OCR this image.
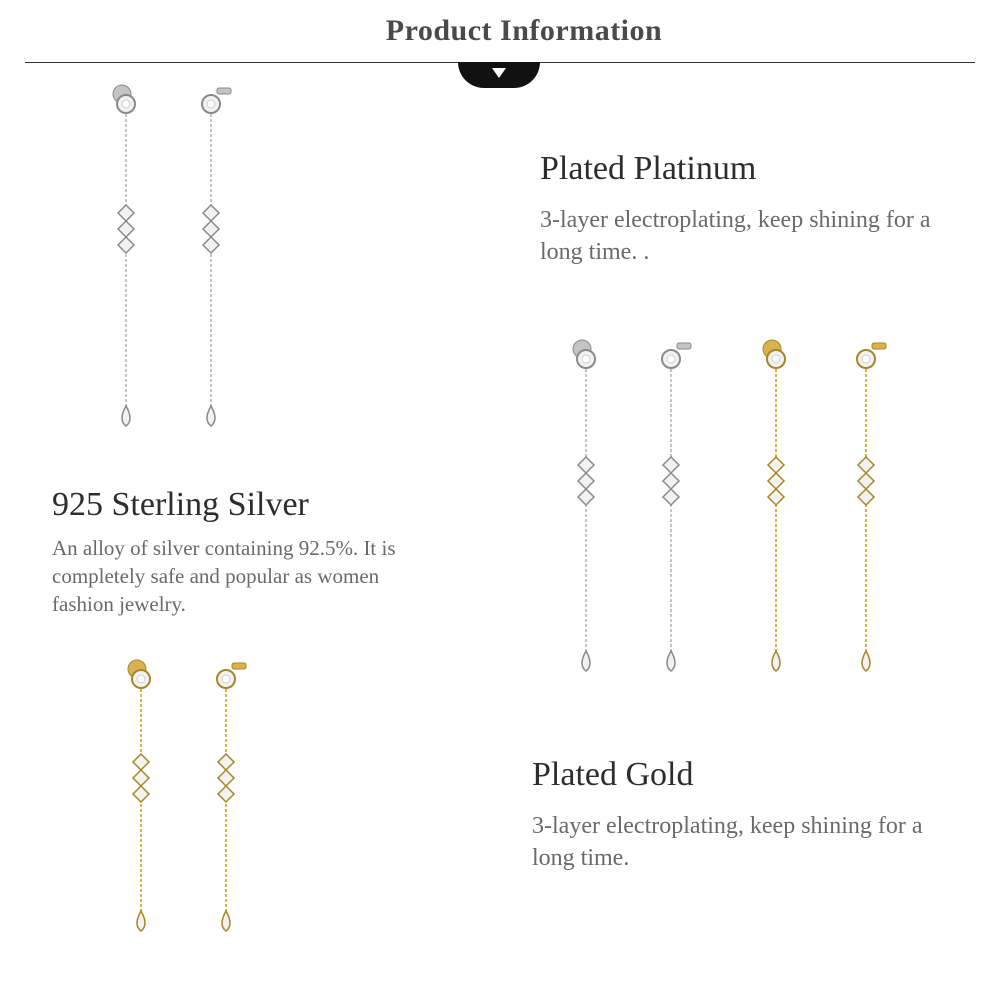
Product Information
Plated Platinum
3-layer electroplating, keep shining for a long time. .
925 Sterling Silver
An alloy of silver containing 92.5%. It is completely safe and popular as women fashion jewelry.
Plated Gold
3-layer electroplating, keep shining for a long time.
